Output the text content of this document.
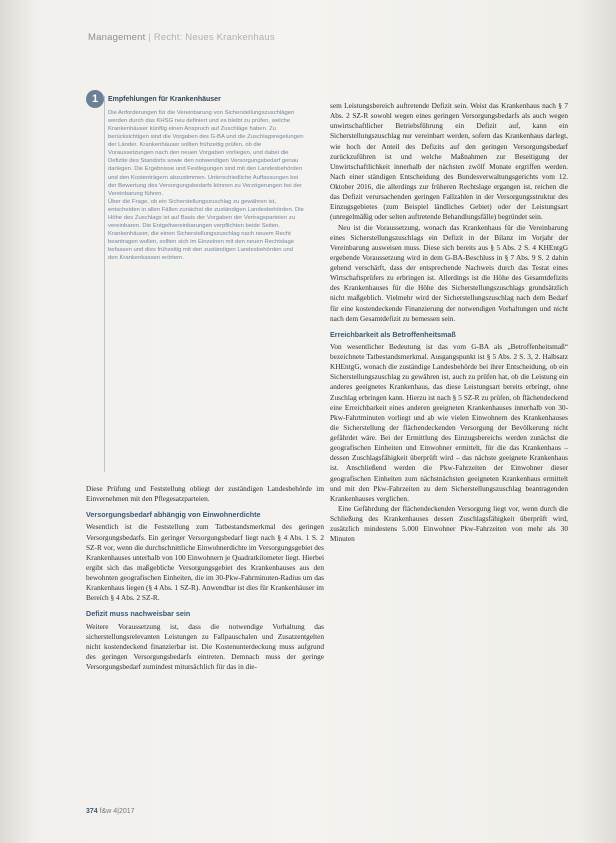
Management | Recht: Neues Krankenhaus
1	Empfehlungen für Krankenhäuser

Die Anforderungen für die Vereinbarung von Sicherstellungszuschlägen werden durch das KHSG neu definiert und es bleibt zu prüfen, welche Krankenhäuser künftig einen Anspruch auf Zuschläge haben. Zu berücksichtigen sind die Vorgaben des G-BA und die Zuschlagsregelungen der Länder. Krankenhäuser sollten frühzeitig prüfen, ob die Voraussetzungen nach den neuen Vorgaben vorliegen, und dabei die Defizite des Standorts sowie den notwendigen Versorgungsbedarf genau darlegen. Die Ergebnisse und Festlegungen sind mit den Landesbehörden und den Kostenträgern abzustimmen. Unterschiedliche Auffassungen bei der Bewertung des Versorgungsbedarfs können zu Verzögerungen bei der Vereinbarung führen.

Über die Frage, ob ein Sicherstellungszuschlag zu gewähren ist, entscheiden in allen Fällen zunächst die zuständigen Landesbehörden. Die Höhe des Zuschlags ist auf Basis der Vorgaben der Vertragsparteien zu vereinbaren. Die Entgeltvereinbarungen verpflichten beide Seiten.

Krankenhäuser, die einen Sicherstellungszuschlag nach neuem Recht beantragen wollen, sollten sich im Einzelnen mit den neuen Rechtslage befassen und dies frühzeitig mit den zuständigen Landesbehörden und den Krankenkassen erörtern.

Diese Prüfung und Feststellung obliegt der zuständigen Landesbehörde im Einvernehmen mit den Pflegesatzparteien.

Versorgungsbedarf abhängig von Einwohnerdichte

Wesentlich ist die Feststellung zum Tatbestandsmerkmal des geringen Versorgungsbedarfs. Ein geringer Versorgungsbedarf liegt nach § 4 Abs. 1 S. 2 SZ-R vor, wenn die durchschnittliche Einwohnerdichte im Versorgungsgebiet des Krankenhauses unterhalb von 100 Einwohnern je Quadratkilometer liegt. Hierbei ergibt sich das maßgebliche Versorgungsgebiet des Krankenhauses aus den bewohnten geografischen Einheiten, die im 30-Pkw-Fahrminuten-Radius um das Krankenhaus liegen (§ 4 Abs. 1 SZ-R). Anwendbar ist dies für Krankenhäuser im Bereich § 4 Abs. 2 SZ-R.

Defizit muss nachweisbar sein

Weitere Voraussetzung ist, dass die notwendige Vorhaltung das sicherstellungsrelevanten Leistungen zu Fallpauschalen und Zusatzentgelten nicht kostendeckend finanzierbar ist. Die Kostenunterdeckung muss aufgrund des geringen Versorgungsbedarfs eintreten. Demnach muss der geringe Versorgungsbedarf zumindest mitursächlich für das in die-

sem Leistungsbereich auftretende Defizit sein. Weist das Krankenhaus nach § 7 Abs. 2 SZ-R sowohl wegen eines geringen Versorgungsbedarfs als auch wegen unwirtschaftlicher Betriebsführung ein Defizit auf, kann ein Sicherstellungszuschlag nur vereinbart werden, sofern das Krankenhaus darlegt, wie hoch der Anteil des Defizits auf den geringen Versorgungsbedarf zurückzuführen ist und welche Maßnahmen zur Beseitigung der Unwirtschaftlichkeit innerhalb der nächsten zwölf Monate ergriffen werden. Nach einer ständigen Entscheidung des Bundesverwaltungsgerichts vom 12. Oktober 2016, die allerdings zur früheren Rechtslage ergangen ist, reichen die das Defizit verursachenden geringen Fallzahlen in der Versorgungsstruktur des Einzugsgebietes (zum Beispiel ländliches Gebiet) oder der Leistungsart (unregelmäßig oder selten auftretende Behandlungsfälle) begründet sein.

Neu ist die Voraussetzung, wonach das Krankenhaus für die Vereinbarung eines Sicherstellungszuschlags ein Defizit in der Bilanz im Vorjahr der Vereinbarung ausweisen muss. Diese sich bereits aus § 5 Abs. 2 S. 4 KHEntgG ergebende Voraussetzung wird in dem G-BA-Beschluss in § 7 Abs. 9 S. 2 dahin gehend verschärft, dass der entsprechende Nachweis durch das Testat eines Wirtschaftsprüfers zu erbringen ist. Allerdings ist die Höhe des Gesamtdefizits des Krankenhauses für die Höhe des Sicherstellungszuschlags grundsätzlich nicht maßgeblich. Vielmehr wird der Sicherstellungszuschlag nach dem Bedarf für eine kostendeckende Finanzierung der notwendigen Vorhaltungen und nicht nach dem Gesamtdefizit zu bemessen sein.

Erreichbarkeit als Betroffenheitsmaß

Von wesentlicher Bedeutung ist das vom G-BA als „Betroffenheitsmaß“ bezeichnete Tatbestandsmerkmal. Ausgangspunkt ist § 5 Abs. 2 S. 3, 2. Halbsatz KHEntgG, wonach die zuständige Landesbehörde bei ihrer Entscheidung, ob ein Sicherstellungszuschlag zu gewähren ist, auch zu prüfen hat, ob die Leistung ein anderes geeignetes Krankenhaus, das diese Leistungsart bereits erbringt, ohne Zuschlag erbringen kann. Hierzu ist nach § 5 SZ-R zu prüfen, ob flächendeckend eine Erreichbarkeit eines anderen geeigneten Krankenhauses innerhalb von 30-Pkw-Fahrtminuten vorliegt und ab wie vielen Einwohnern des Krankenhauses die Sicherstellung der flächendeckenden Versorgung der Bevölkerung nicht gefährdet wäre. Bei der Ermittlung des Einzugsbereichs werden zunächst die geografischen Einheiten und Einwohner ermittelt, für die das Krankenhaus – dessen Zuschlagsfähigkeit überprüft wird – das nächste geeignete Krankenhaus ist. Anschließend werden die Pkw-Fahrzeiten der Einwohner dieser geografischen Einheiten zum nächstnächsten geeigneten Krankenhaus ermittelt und mit den Pkw-Fahrzeiten zu dem Sicherstellungszuschlag beantragenden Krankenhauses verglichen.

Eine Gefährdung der flächendeckenden Versorgung liegt vor, wenn durch die Schließung des Krankenhauses dessen Zuschlagsfähigkeit überprüft wird, zusätzlich mindestens 5.000 Einwohner Pkw-Fahrzeiten von mehr als 30 Minuten

374 f&w 4|2017
